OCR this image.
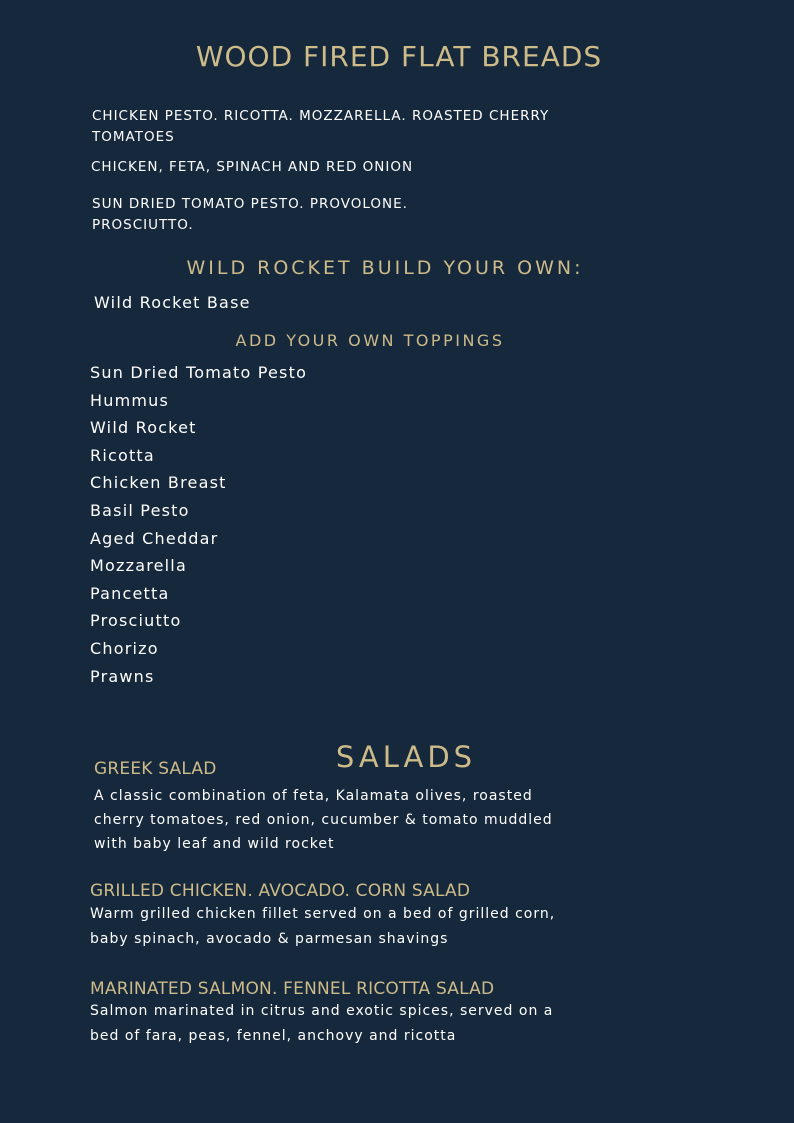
WOOD FIRED FLAT BREADS

CHICKEN PESTO. RICOTTA. MOZZARELLA. ROASTED CHERRY TOMATOES

CHICKEN, FETA, SPINACH AND RED ONION

SUN DRIED TOMATO PESTO. PROVOLONE. PROSCIUTTO.

WILD ROCKET BUILD YOUR OWN:

Wild Rocket Base

ADD YOUR OWN TOPPINGS
Sun Dried Tomato Pesto
Hummus
Wild Rocket
Ricotta
Chicken Breast
Basil Pesto
Aged Cheddar
Mozzarella
Pancetta
Prosciutto
Chorizo
Prawns
SALADS
GREEK SALAD

A classic combination of feta, Kalamata olives, roasted cherry tomatoes, red onion, cucumber & tomato muddled with baby leaf and wild rocket

GRILLED CHICKEN. AVOCADO. CORN SALAD

Warm grilled chicken fillet served on a bed of grilled corn, baby spinach, avocado & parmesan shavings

MARINATED SALMON. FENNEL RICOTTA SALAD

Salmon marinated in citrus and exotic spices, served on a bed of fara, peas, fennel, anchovy and ricotta
